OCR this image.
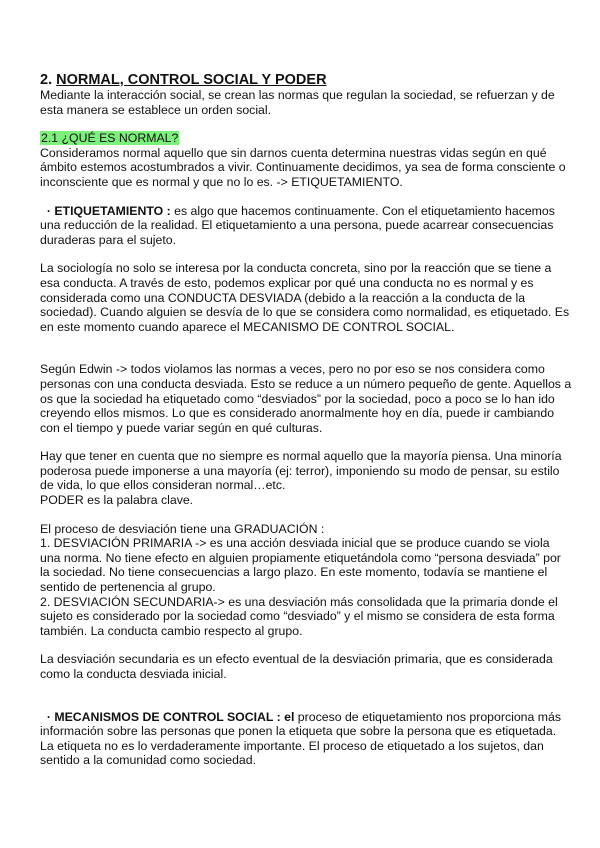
2. NORMAL, CONTROL SOCIAL Y PODER

Mediante la interacción social, se crean las normas que regulan la sociedad, se refuerzan y de esta manera se establece un orden social.

2.1 ¿QUÉ ES NORMAL?

Consideramos normal aquello que sin darnos cuenta determina nuestras vidas según en qué ámbito estemos acostumbrados a vivir. Continuamente decidimos, ya sea de forma consciente o inconsciente que es normal y que no lo es. -> ETIQUETAMIENTO.

· ETIQUETAMIENTO : es algo que hacemos continuamente. Con el etiquetamiento hacemos una reducción de la realidad. El etiquetamiento a una persona, puede acarrear consecuencias duraderas para el sujeto.

La sociología no solo se interesa por la conducta concreta, sino por la reacción que se tiene a esa conducta. A través de esto, podemos explicar por qué una conducta no es normal y es considerada como una CONDUCTA DESVIADA (debido a la reacción a la conducta de la sociedad). Cuando alguien se desvía de lo que se considera como normalidad, es etiquetado. Es en este momento cuando aparece el MECANISMO DE CONTROL SOCIAL.

Según Edwin -> todos violamos las normas a veces, pero no por eso se nos considera como personas con una conducta desviada. Esto se reduce a un número pequeño de gente. Aquellos a os que la sociedad ha etiquetado como “desviados” por la sociedad, poco a poco se lo han ido creyendo ellos mismos. Lo que es considerado anormalmente hoy en día, puede ir cambiando con el tiempo y puede variar según en qué culturas.

Hay que tener en cuenta que no siempre es normal aquello que la mayoría piensa. Una minoría poderosa puede imponerse a una mayoría (ej: terror), imponiendo su modo de pensar, su estilo de vida, lo que ellos consideran normal…etc.

PODER es la palabra clave.

El proceso de desviación tiene una GRADUACIÓN :

1. DESVIACIÓN PRIMARIA -> es una acción desviada inicial que se produce cuando se viola una norma. No tiene efecto en alguien propiamente etiquetándola como “persona desviada” por la sociedad. No tiene consecuencias a largo plazo. En este momento, todavía se mantiene el sentido de pertenencia al grupo.

2. DESVIACIÓN SECUNDARIA-> es una desviación más consolidada que la primaria donde el sujeto es considerado por la sociedad como “desviado” y el mismo se considera de esta forma también. La conducta cambio respecto al grupo.

La desviación secundaria es un efecto eventual de la desviación primaria, que es considerada como la conducta desviada inicial.

· MECANISMOS DE CONTROL SOCIAL : el proceso de etiquetamiento nos proporciona más información sobre las personas que ponen la etiqueta que sobre la persona que es etiquetada.

La etiqueta no es lo verdaderamente importante. El proceso de etiquetado a los sujetos, dan sentido a la comunidad como sociedad.
